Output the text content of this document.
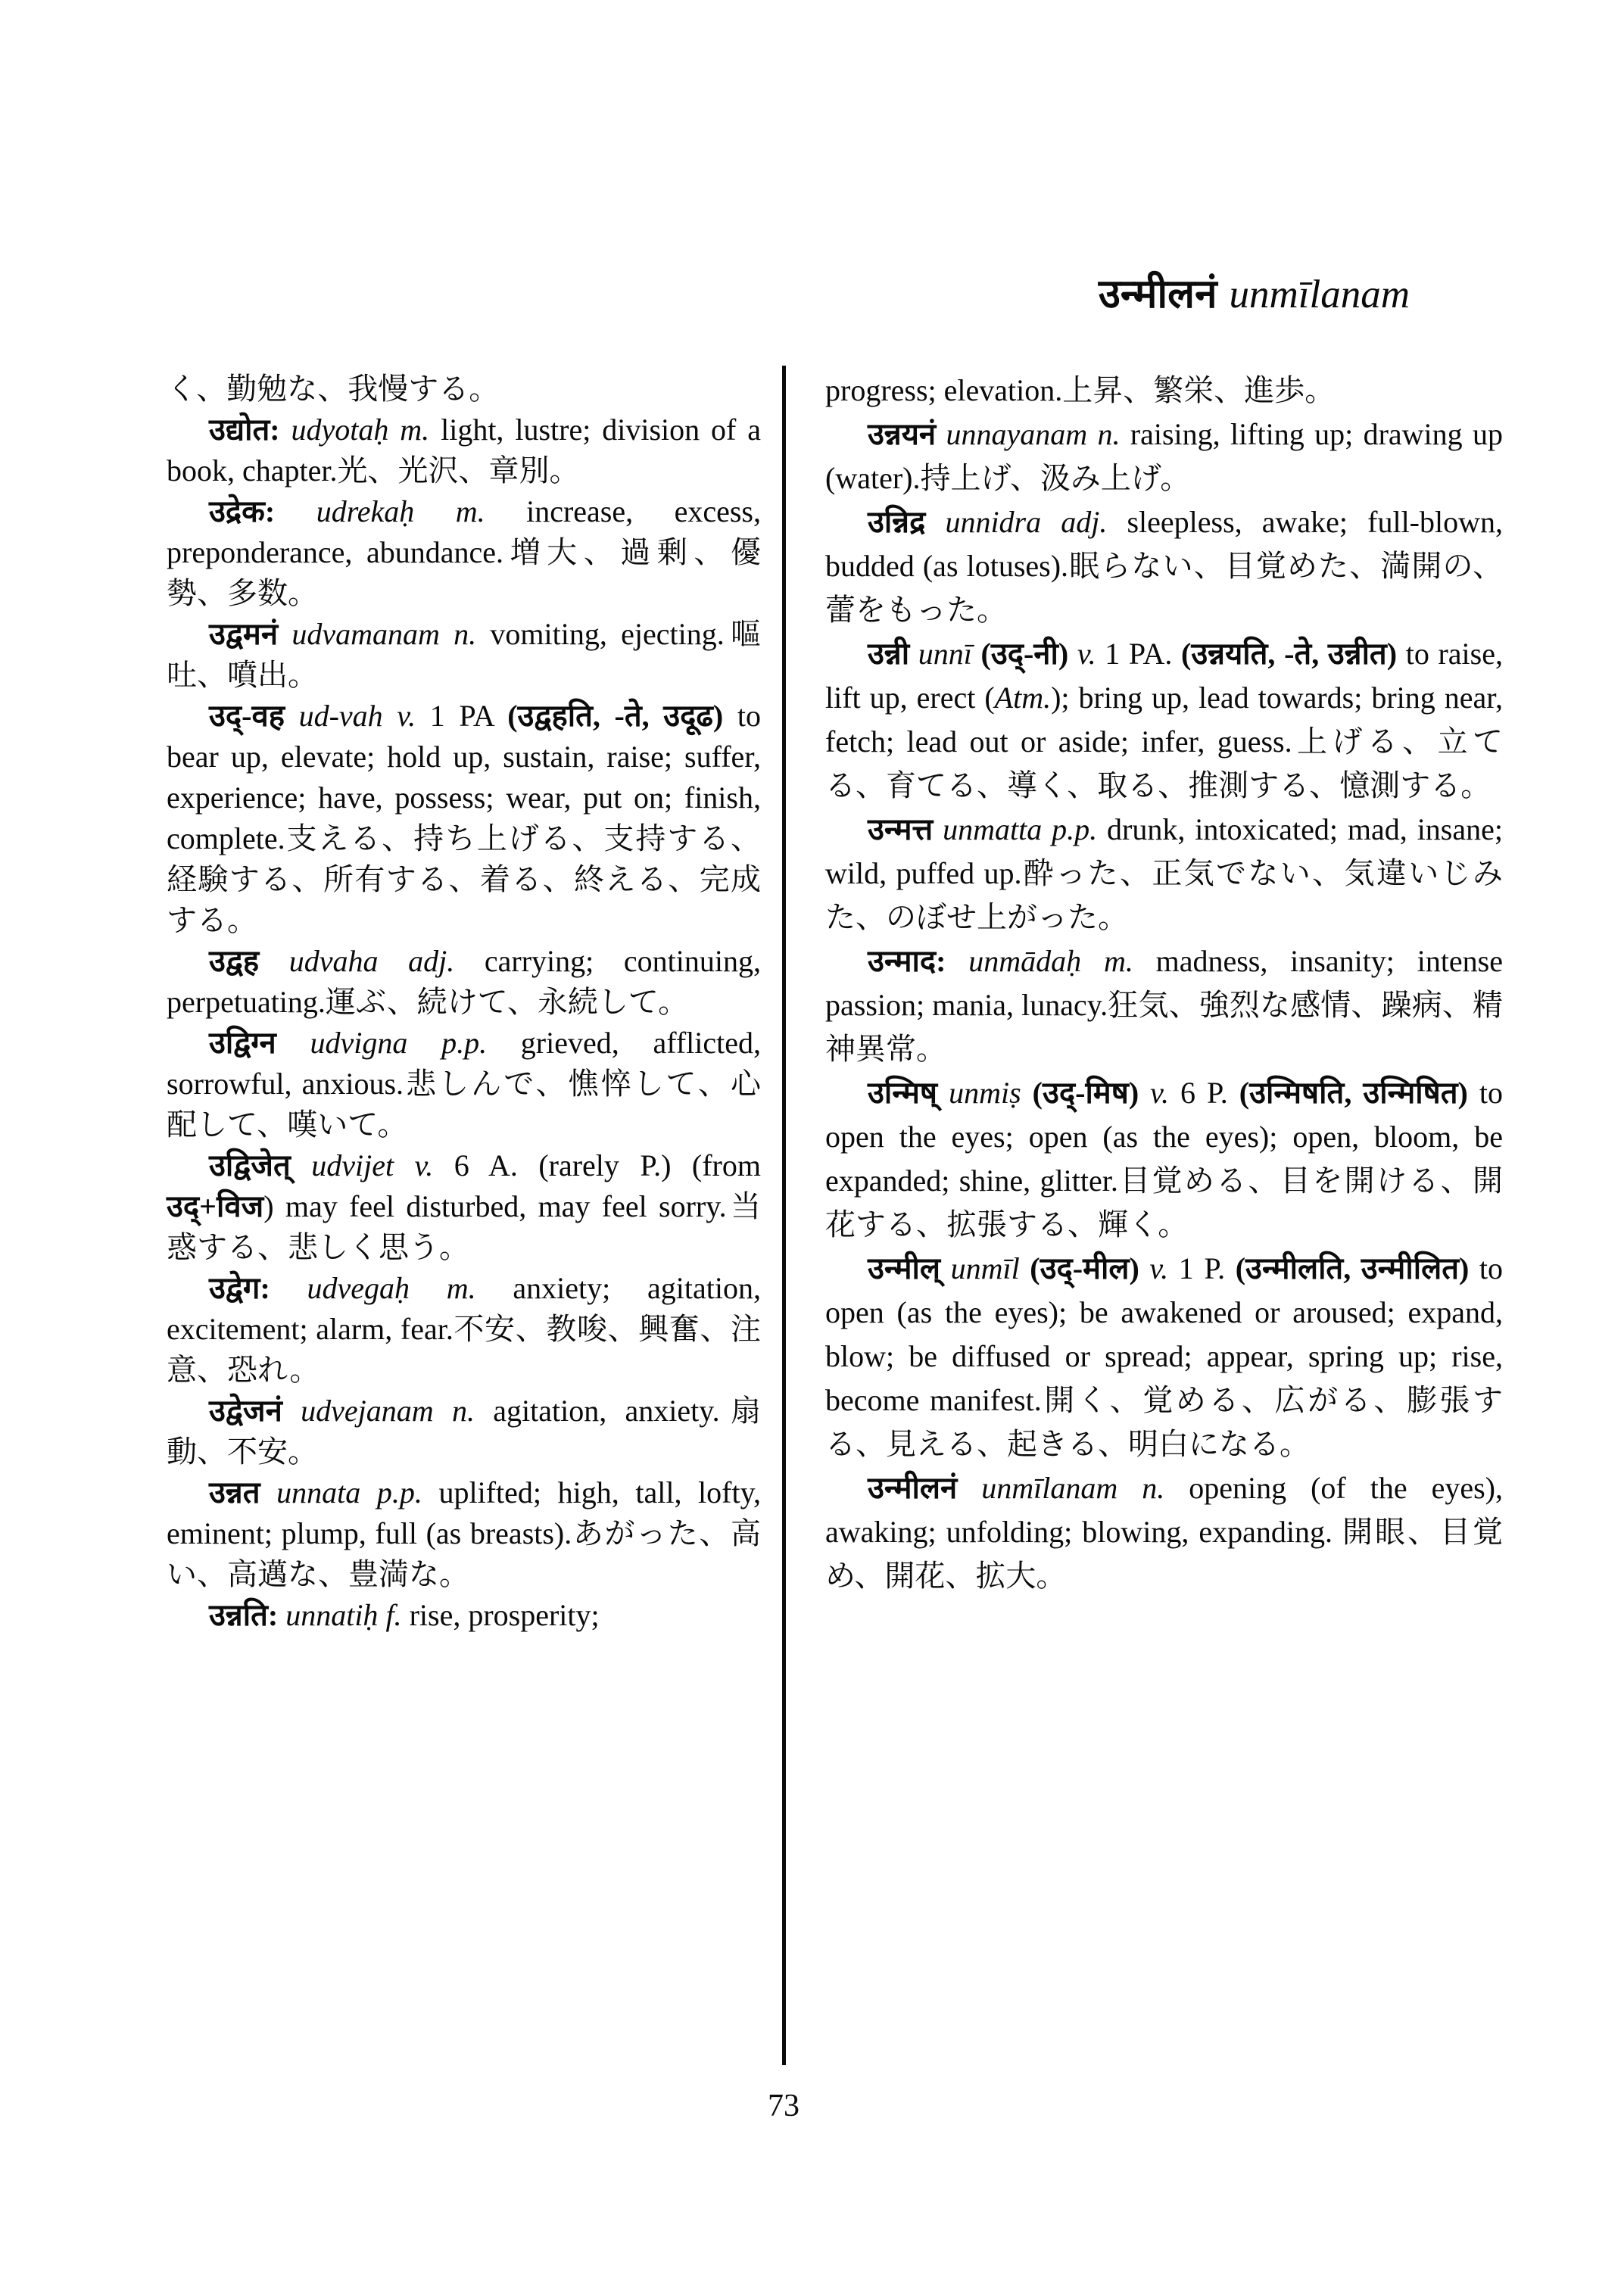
उन्मीलनं unmīlanam

く、勤勉な、我慢する。

उद्योत: udyotaḥ m. light, lustre; division of a book, chapter.光、光沢、章別。

उद्रेक: udrekaḥ m. increase, excess, preponderance, abundance.増大、過剰、優勢、多数。

उद्वमनं udvamanam n. vomiting, ejecting.嘔吐、噴出。

उद्-वह ud-vah v. 1 PA (उद्वहति, -ते, उदूढ) to bear up, elevate; hold up, sustain, raise; suffer, experience; have, possess; wear, put on; finish, complete.支える、持ち上げる、支持する、経験する、所有する、着る、終える、完成する。

उद्वह udvaha adj. carrying; continuing, perpetuating.運ぶ、続けて、永続して。

उद्विग्न udvigna p.p. grieved, afflicted, sorrowful, anxious.悲しんで、憔悴して、心配して、嘆いて。

उद्विजेत् udvijet v. 6 A. (rarely P.) (from उद्+विज) may feel disturbed, may feel sorry.当惑する、悲しく思う。

उद्वेग: udvegaḥ m. anxiety; agitation, excitement; alarm, fear.不安、教唆、興奮、注意、恐れ。

उद्वेजनं udvejanam n. agitation, anxiety.扇動、不安。

उन्नत unnata p.p. uplifted; high, tall, lofty, eminent; plump, full (as breasts).あがった、高い、高邁な、豊満な。

उन्नति: unnatiḥ f. rise, prosperity;

progress; elevation.上昇、繁栄、進歩。

उन्नयनं unnayanam n. raising, lifting up; drawing up (water).持上げ、汲み上げ。

उन्निद्र unnidra adj. sleepless, awake; full-blown, budded (as lotuses).眠らない、目覚めた、満開の、蕾をもった。

उन्नी unnī (उद्-नी) v. 1 PA. (उन्नयति, -ते, उन्नीत) to raise, lift up, erect (Atm.); bring up, lead towards; bring near, fetch; lead out or aside; infer, guess.上げる、立てる、育てる、導く、取る、推測する、憶測する。

उन्मत्त unmatta p.p. drunk, intoxicated; mad, insane; wild, puffed up.酔った、正気でない、気違いじみた、のぼせ上がった。

उन्माद: unmādaḥ m. madness, insanity; intense passion; mania, lunacy.狂気、強烈な感情、躁病、精神異常。

उन्मिष् unmiṣ (उद्-मिष) v. 6 P. (उन्मिषति, उन्मिषित) to open the eyes; open (as the eyes); open, bloom, be expanded; shine, glitter.目覚める、目を開ける、開花する、拡張する、輝く。

उन्मील् unmīl (उद्-मील) v. 1 P. (उन्मीलति, उन्मीलित) to open (as the eyes); be awakened or aroused; expand, blow; be diffused or spread; appear, spring up; rise, become manifest.開く、覚める、広がる、膨張する、見える、起きる、明白になる。

उन्मीलनं unmīlanam n. opening (of the eyes), awaking; unfolding; blowing, expanding. 開眼、目覚め、開花、拡大。

73
